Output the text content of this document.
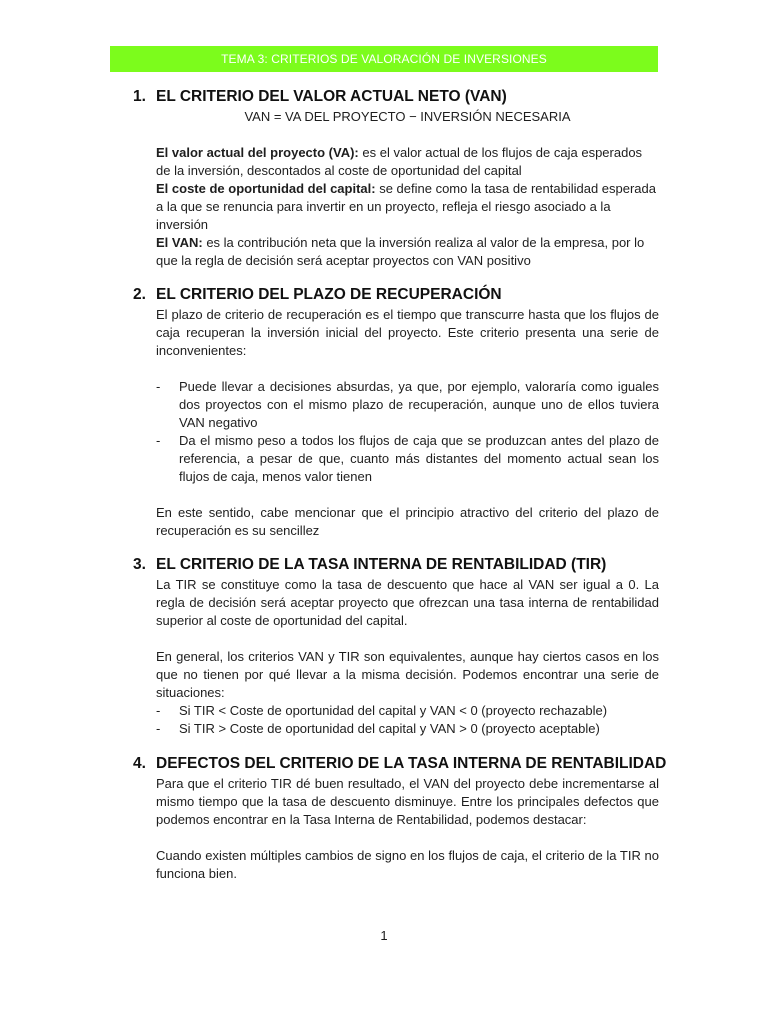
TEMA 3: CRITERIOS DE VALORACIÓN DE INVERSIONES
1. EL CRITERIO DEL VALOR ACTUAL NETO (VAN)
VAN = VA DEL PROYECTO − INVERSIÓN NECESARIA
El valor actual del proyecto (VA): es el valor actual de los flujos de caja esperados de la inversión, descontados al coste de oportunidad del capital
El coste de oportunidad del capital: se define como la tasa de rentabilidad esperada a la que se renuncia para invertir en un proyecto, refleja el riesgo asociado a la inversión
El VAN: es la contribución neta que la inversión realiza al valor de la empresa, por lo que la regla de decisión será aceptar proyectos con VAN positivo
2. EL CRITERIO DEL PLAZO DE RECUPERACIÓN
El plazo de criterio de recuperación es el tiempo que transcurre hasta que los flujos de caja recuperan la inversión inicial del proyecto. Este criterio presenta una serie de inconvenientes:
- Puede llevar a decisiones absurdas, ya que, por ejemplo, valoraría como iguales dos proyectos con el mismo plazo de recuperación, aunque uno de ellos tuviera VAN negativo
- Da el mismo peso a todos los flujos de caja que se produzcan antes del plazo de referencia, a pesar de que, cuanto más distantes del momento actual sean los flujos de caja, menos valor tienen
En este sentido, cabe mencionar que el principio atractivo del criterio del plazo de recuperación es su sencillez
3. EL CRITERIO DE LA TASA INTERNA DE RENTABILIDAD (TIR)
La TIR se constituye como la tasa de descuento que hace al VAN ser igual a 0. La regla de decisión será aceptar proyecto que ofrezcan una tasa interna de rentabilidad superior al coste de oportunidad del capital.
En general, los criterios VAN y TIR son equivalentes, aunque hay ciertos casos en los que no tienen por qué llevar a la misma decisión. Podemos encontrar una serie de situaciones:
- Si TIR < Coste de oportunidad del capital y VAN < 0 (proyecto rechazable)
- Si TIR > Coste de oportunidad del capital y VAN > 0 (proyecto aceptable)
4. DEFECTOS DEL CRITERIO DE LA TASA INTERNA DE RENTABILIDAD
Para que el criterio TIR dé buen resultado, el VAN del proyecto debe incrementarse al mismo tiempo que la tasa de descuento disminuye. Entre los principales defectos que podemos encontrar en la Tasa Interna de Rentabilidad, podemos destacar:
Cuando existen múltiples cambios de signo en los flujos de caja, el criterio de la TIR no funciona bien.
1
